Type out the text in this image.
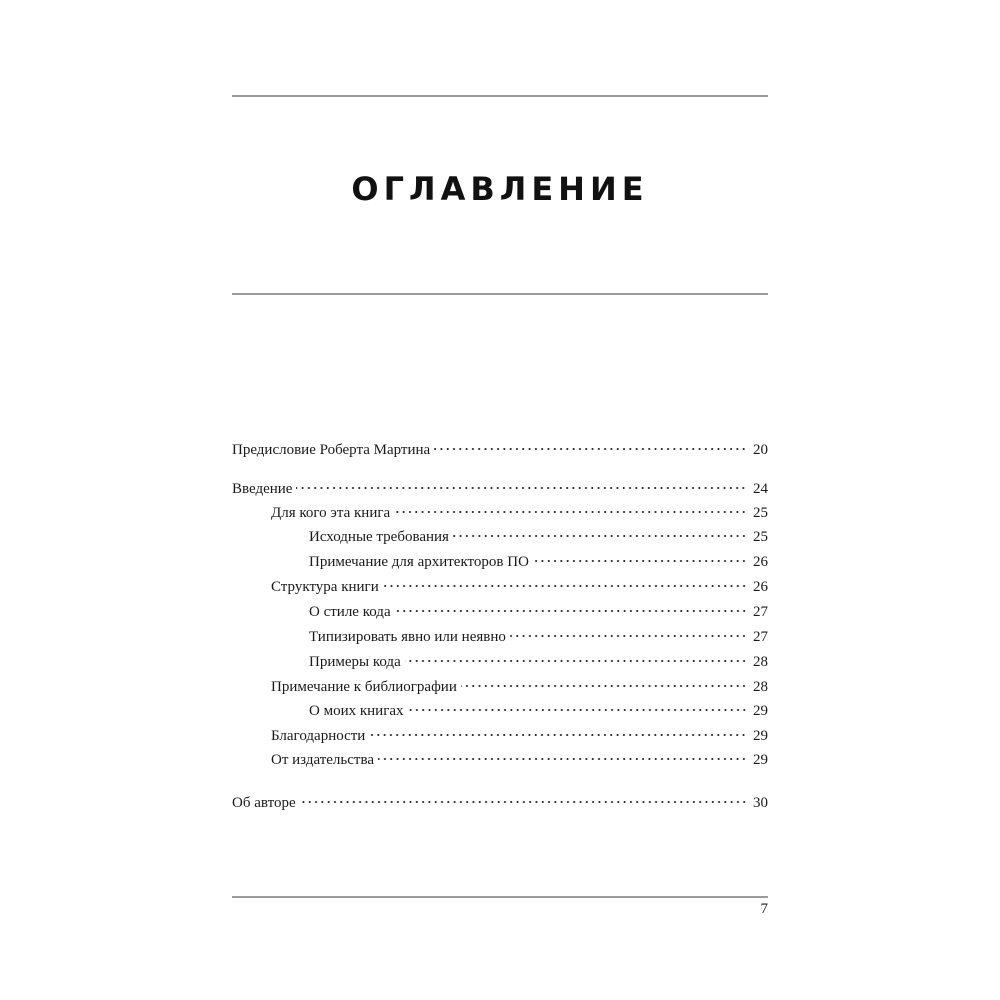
ОГЛАВЛЕНИЕ
Предисловие Роберта Мартина	20
Введение	24
Для кого эта книга	25
Исходные требования	25
Примечание для архитекторов ПО	26
Структура книги	26
О стиле кода	27
Типизировать явно или неявно	27
Примеры кода	28
Примечание к библиографии	28
О моих книгах	29
Благодарности	29
От издательства	29
Об авторе	30
7
